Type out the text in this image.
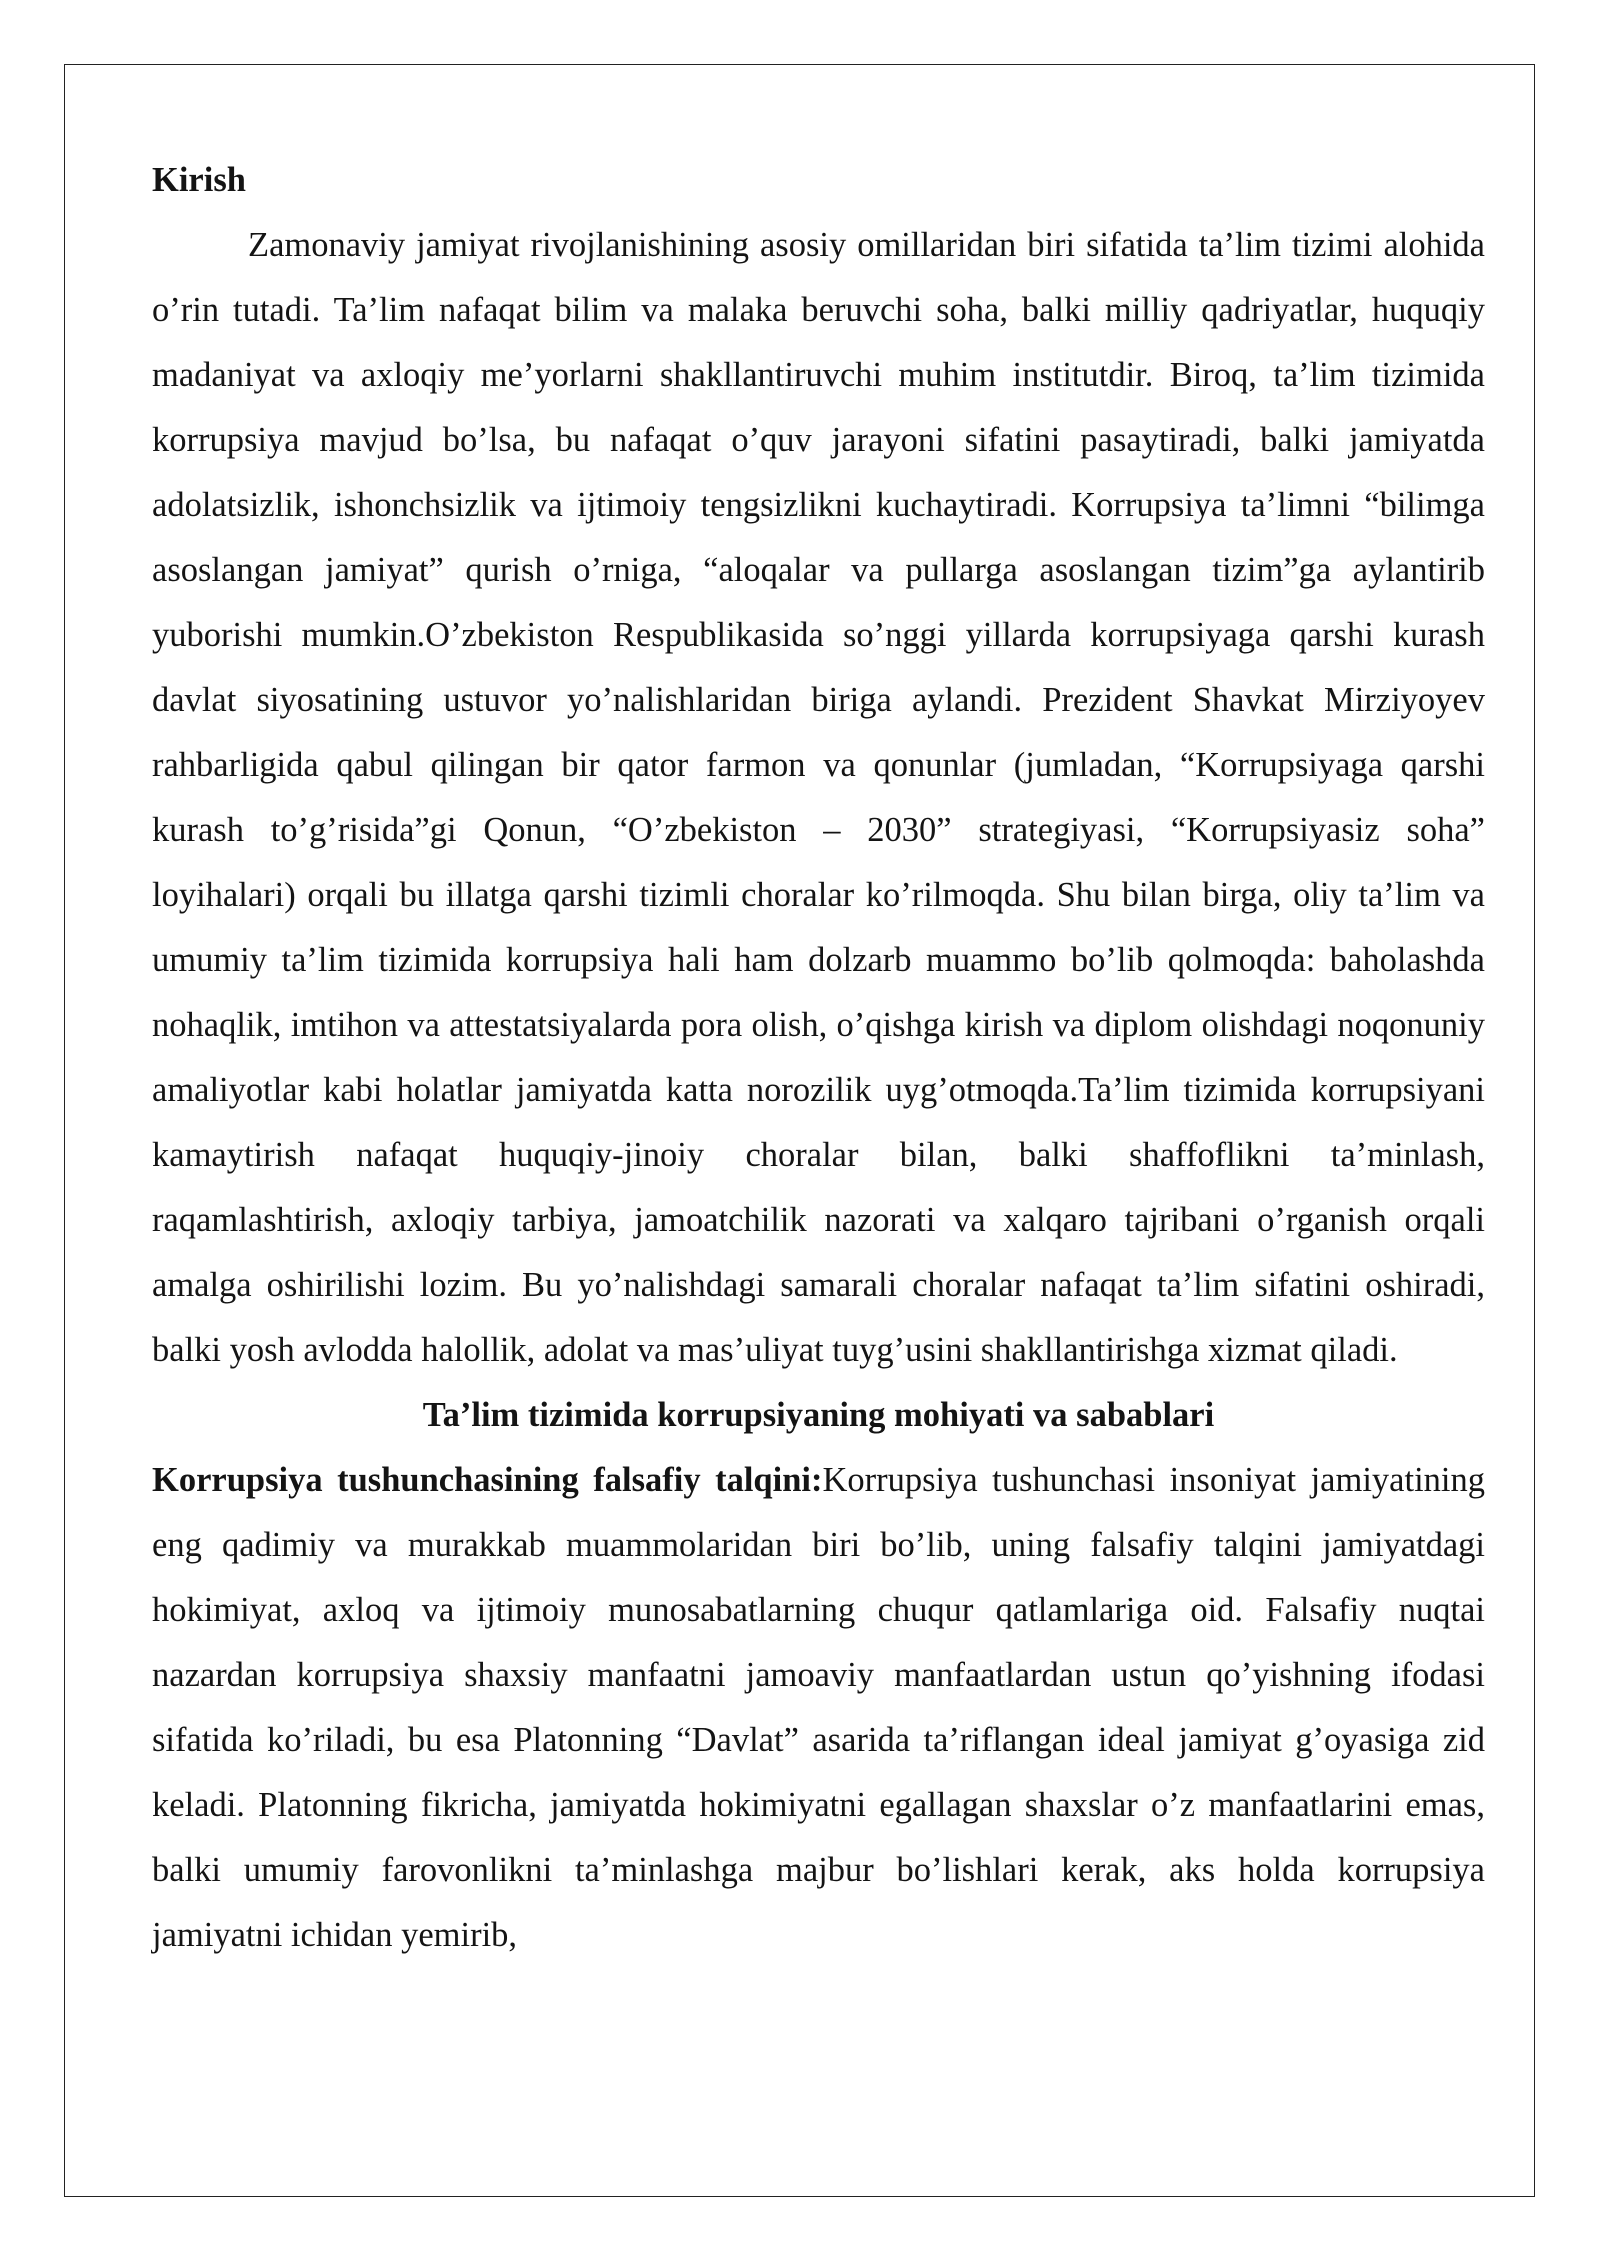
Kirish

Zamonaviy jamiyat rivojlanishining asosiy omillaridan biri sifatida ta’lim tizimi alohida o’rin tutadi. Ta’lim nafaqat bilim va malaka beruvchi soha, balki milliy qadriyatlar, huquqiy madaniyat va axloqiy me’yorlarni shakllantiruvchi muhim institutdir. Biroq, ta’lim tizimida korrupsiya mavjud bo’lsa, bu nafaqat o’quv jarayoni sifatini pasaytiradi, balki jamiyatda adolatsizlik, ishonchsizlik va ijtimoiy tengsizlikni kuchaytiradi. Korrupsiya ta’limni “bilimga asoslangan jamiyat” qurish o’rniga, “aloqalar va pullarga asoslangan tizim”ga aylantirib yuborishi mumkin.O’zbekiston Respublikasida so’nggi yillarda korrupsiyaga qarshi kurash davlat siyosatining ustuvor yo’nalishlaridan biriga aylandi. Prezident Shavkat Mirziyoyev rahbarligida qabul qilingan bir qator farmon va qonunlar (jumladan, “Korrupsiyaga qarshi kurash to’g’risida”gi Qonun, “O’zbekiston – 2030” strategiyasi, “Korrupsiyasiz soha” loyihalari) orqali bu illatga qarshi tizimli choralar ko’rilmoqda. Shu bilan birga, oliy ta’lim va umumiy ta’lim tizimida korrupsiya hali ham dolzarb muammo bo’lib qolmoqda: baholashda nohaqlik, imtihon va attestatsiyalarda pora olish, o’qishga kirish va diplom olishdagi noqonuniy amaliyotlar kabi holatlar jamiyatda katta norozilik uyg’otmoqda.Ta’lim tizimida korrupsiyani kamaytirish nafaqat huquqiy-jinoiy choralar bilan, balki shaffoflikni ta’minlash, raqamlashtirish, axloqiy tarbiya, jamoatchilik nazorati va xalqaro tajribani o’rganish orqali amalga oshirilishi lozim. Bu yo’nalishdagi samarali choralar nafaqat ta’lim sifatini oshiradi, balki yosh avlodda halollik, adolat va mas’uliyat tuyg’usini shakllantirishga xizmat qiladi.

Ta’lim tizimida korrupsiyaning mohiyati va sabablari

Korrupsiya tushunchasining falsafiy talqini:Korrupsiya tushunchasi insoniyat jamiyatining eng qadimiy va murakkab muammolaridan biri bo’lib, uning falsafiy talqini jamiyatdagi hokimiyat, axloq va ijtimoiy munosabatlarning chuqur qatlamlariga oid. Falsafiy nuqtai nazardan korrupsiya shaxsiy manfaatni jamoaviy manfaatlardan ustun qo’yishning ifodasi sifatida ko’riladi, bu esa Platonning “Davlat” asarida ta’riflangan ideal jamiyat g’oyasiga zid keladi. Platonning fikricha, jamiyatda hokimiyatni egallagan shaxslar o’z manfaatlarini emas, balki umumiy farovonlikni ta’minlashga majbur bo’lishlari kerak, aks holda korrupsiya jamiyatni ichidan yemirib,
